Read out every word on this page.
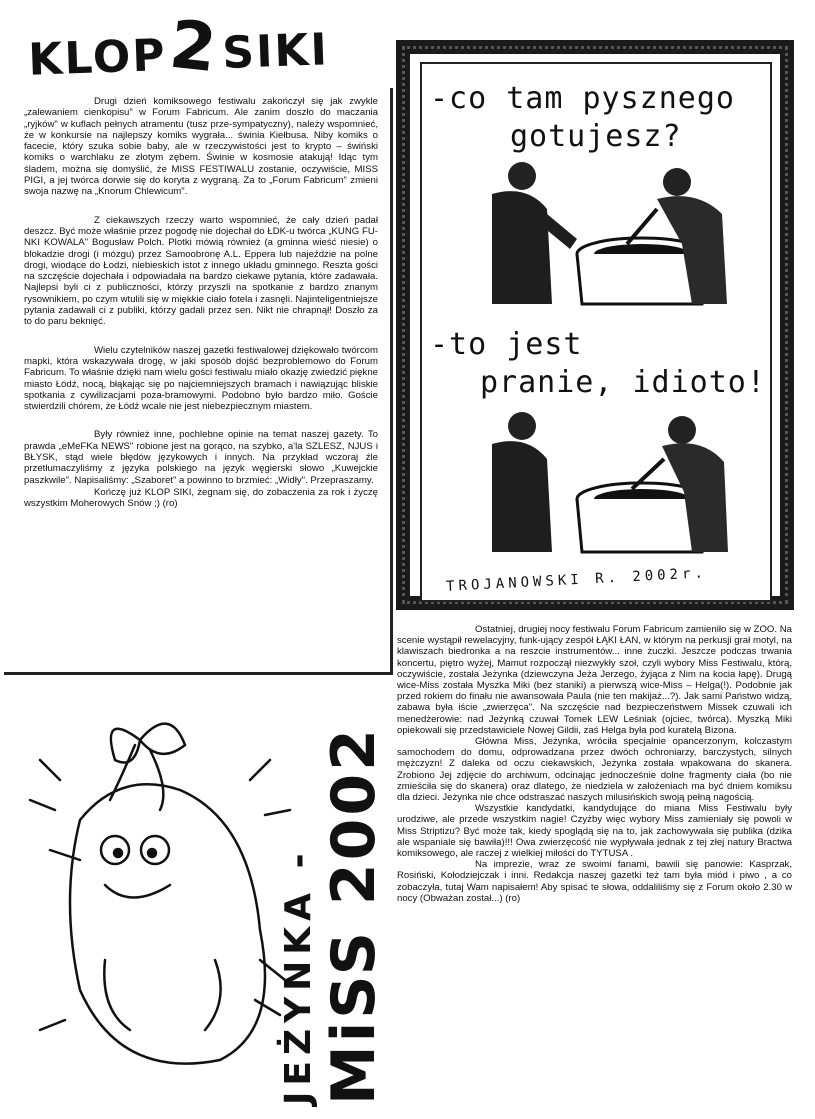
KLOP2SIKI

Drugi dzień komiksowego festiwalu zakończył się jak zwykle „zalewaniem cienkopisu" w Forum Fabricum. Ale zanim doszło do maczania „ryjków" w kuflach pełnych atramentu (tusz prze-sympatyczny), należy wspomnieć, że w konkursie na najlepszy komiks wygrała... świnia Kiełbusa. Niby komiks o facecie, który szuka sobie baby, ale w rzeczywistości jest to krypto – świński komiks o warchlaku ze złotym zębem. Świnie w kosmosie atakują! Idąc tym śladem, można się domyślić, że MISS FESTIWALU zostanie, oczywiście, MISS PIGI, a jej twórca dorwie się do koryta z wygraną. Za to „Forum Fabricum" zmieni swoja nazwę na „Knorum Chlewicum".

Z ciekawszych rzeczy warto wspomnieć, że cały dzień padał deszcz. Być może właśnie przez pogodę nie dojechał do ŁDK-u twórca „KUNG FU-NKI KOWALA" Bogusław Polch. Plotki mówią również (a gminna wieść niesie) o blokadzie drogi (i mózgu) przez Samoobronę A.L. Eppera lub najeździe na polne drogi, wiodące do Łodzi, niebieskich istot z innego układu gminnego. Reszta gości na szczęście dojechała i odpowiadała na bardzo ciekawe pytania, które zadawała. Najlepsi byli ci z publiczności, którzy przyszli na spotkanie z bardzo znanym rysownikiem, po czym wtulili się w miękkie ciało fotela i zasnęli. Najinteligentniejsze pytania zadawali ci z publiki, którzy gadali przez sen. Nikt nie chrapnął! Doszło za to do paru beknięć.

Wielu czytelników naszej gazetki festiwalowej dziękowało twórcom mapki, która wskazywała drogę, w jaki sposób dojść bezproblemowo do Forum Fabricum. To właśnie dzięki nam wielu gości festiwalu miało okazję zwiedzić piękne miasto Łódź, nocą, błąkając się po najciemniejszych bramach i nawiązując bliskie spotkania z cywilizacjami poza-bramowymi. Podobno było bardzo miło. Goście stwierdzili chórem, że Łódź wcale nie jest niebezpiecznym miastem.

Były również inne, pochlebne opinie na temat naszej gazety. To prawda „eMeFKa NEWS" robione jest na gorąco, na szybko, a'la SZLESZ, NJUS i BŁYSK, stąd wiele błędów językowych i innych. Na przykład wczoraj źle przetłumaczyliśmy z języka polskiego na język węgierski słowo „Kuwejckie paszkwile". Napisaliśmy: „Szaboret" a powinno to brzmieć: „Widły". Przepraszamy.

Kończę już KLOP SIKI, żegnam się, do zobaczenia za rok i życzę wszystkim Moherowych Snów ;) (ro)

-co tam pysznego
gotujesz?
-to jest
pranie, idioto!
TROJANOWSKI R. 2002r.

Ostatniej, drugiej nocy festiwalu Forum Fabricum zamieniło się w ZOO. Na scenie wystąpił rewelacyjny, funk-ujący zespół ŁĄKI ŁAN, w którym na perkusji grał motyl, na klawiszach biedronka a na reszcie instrumentów... inne żuczki. Jeszcze podczas trwania koncertu, piętro wyżej, Mamut rozpoczął niezwykły szoł, czyli wybory Miss Festiwalu, którą, oczywiście, została Jeżynka (dziewczyna Jeża Jerzego, żyjąca z Nim na kocia łapę). Drugą wice-Miss została Myszka Miki (bez staniki) a pierwszą wice-Miss – Helga(!). Podobnie jak przed rokiem do finału nie awansowała Paula (nie ten makijaż...?). Jak sami Państwo widzą, zabawa była iście „zwierzęca". Na szczęście nad bezpieczeństwem Missek czuwali ich menedżerowie: nad Jeżynką czuwał Tomek LEW Leśniak (ojciec, twórca). Myszką Miki opiekowali się przedstawiciele Nowej Gildii, zaś Helga była pod kuratelą Bizona.

Główna Miss, Jeżynka, wróciła specjalnie opancerzonym, kolczastym samochodem do domu, odprowadzana przez dwóch ochroniarzy, barczystych, silnych mężczyzn! Z daleka od oczu ciekawskich, Jeżynka została wpakowana do skanera. Zrobiono Jej zdjęcie do archiwum, odcinając jednocześnie dolne fragmenty ciała (bo nie zmieściła się do skanera) oraz dlatego, że niedziela w założeniach ma być dniem komiksu dla dzieci. Jeżynka nie chce odstraszać naszych milusińskich swoją pełną nagością.

Wszystkie kandydatki, kandydujące do miana Miss Festiwalu były urodziwe, ale przede wszystkim nagie! Czyżby więc wybory Miss zamieniały się powoli w Miss Striptizu? Być może tak, kiedy spoglądą się na to, jak zachowywała się publika (dzika ale wspaniale się bawiła)!!! Owa zwierzęcość nie wypływała jednak z tej złej natury Bractwa komiksowego, ale raczej z wielkiej miłości do TYTUSA .

Na imprezie, wraz ze swoimi fanami, bawili się panowie: Kasprzak, Rosiński, Kołodziejczak i inni. Redakcja naszej gazetki też tam była miód i piwo , a co zobaczyła, tutaj Wam napisałem! Aby spisać te słowa, oddaliliśmy się z Forum około 2.30 w nocy (Obważan został...) (ro)

JEŻYNKA - MiSS 2002
